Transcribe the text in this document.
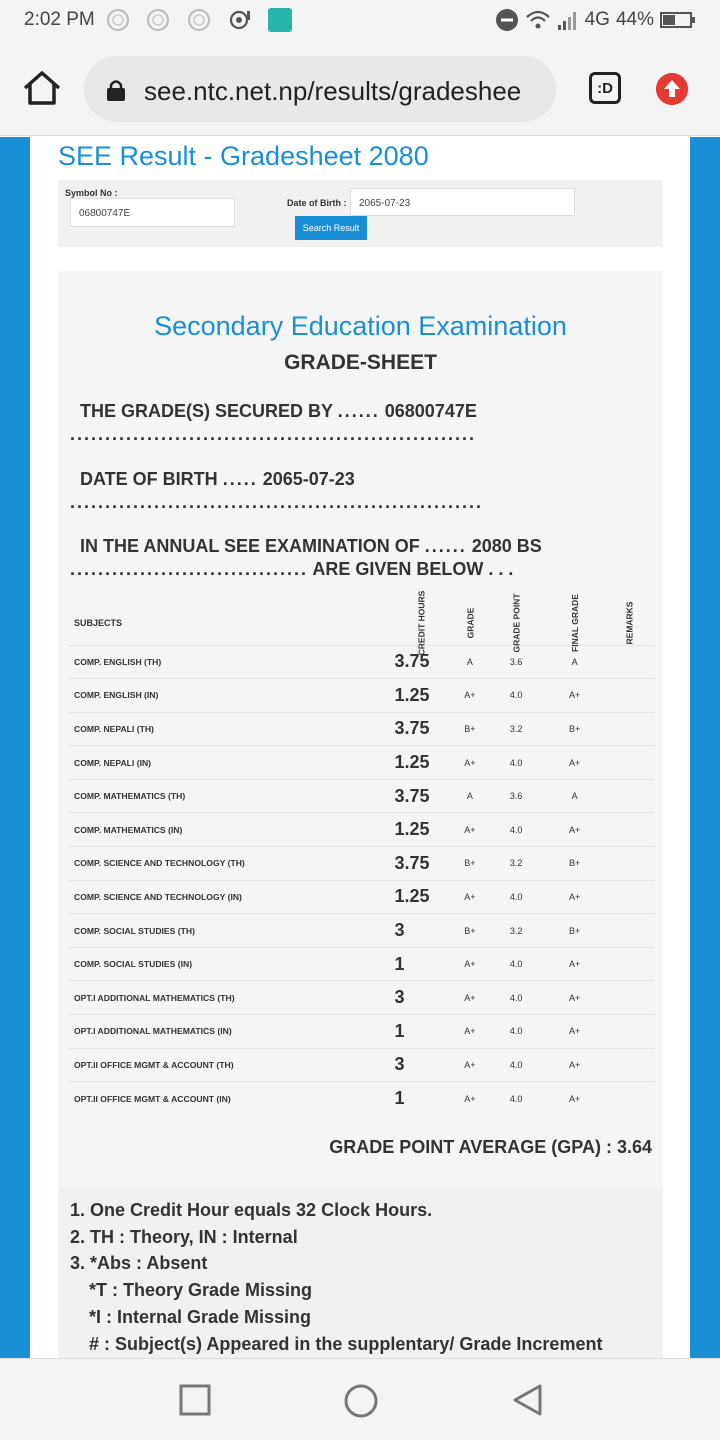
2:02 PM	4G 44%
see.ntc.net.np/results/gradeshee	:D
SEE Result - Gradesheet 2080
Symbol No :
06800747E
Date of Birth :	2065-07-23
Search Result
Secondary Education Examination
GRADE-SHEET
THE GRADE(S) SECURED BY ...... 06800747E ..........................................................
DATE OF BIRTH ..... 2065-07-23 ...........................................................
IN THE ANNUAL SEE EXAMINATION OF ...... 2080 BS .................................. ARE GIVEN BELOW . . .
SUBJECTS	CREDIT HOURS	GRADE	GRADE POINT	FINAL GRADE	REMARKS
COMP. ENGLISH (TH)	3.75	A	3.6	A	
COMP. ENGLISH (IN)	1.25	A+	4.0	A+	
COMP. NEPALI (TH)	3.75	B+	3.2	B+	
COMP. NEPALI (IN)	1.25	A+	4.0	A+	
COMP. MATHEMATICS (TH)	3.75	A	3.6	A	
COMP. MATHEMATICS (IN)	1.25	A+	4.0	A+	
COMP. SCIENCE AND TECHNOLOGY (TH)	3.75	B+	3.2	B+	
COMP. SCIENCE AND TECHNOLOGY (IN)	1.25	A+	4.0	A+	
COMP. SOCIAL STUDIES (TH)	3	B+	3.2	B+	
COMP. SOCIAL STUDIES (IN)	1	A+	4.0	A+	
OPT.I ADDITIONAL MATHEMATICS (TH)	3	A+	4.0	A+	
OPT.I ADDITIONAL MATHEMATICS (IN)	1	A+	4.0	A+	
OPT.II OFFICE MGMT & ACCOUNT (TH)	3	A+	4.0	A+	
OPT.II OFFICE MGMT & ACCOUNT (IN)	1	A+	4.0	A+	
GRADE POINT AVERAGE (GPA) : 3.64
1. One Credit Hour equals 32 Clock Hours.
2. TH : Theory, IN : Internal
3. *Abs : Absent
*T : Theory Grade Missing
*I : Internal Grade Missing
# : Subject(s) Appeared in the supplentary/ Grade Increment
